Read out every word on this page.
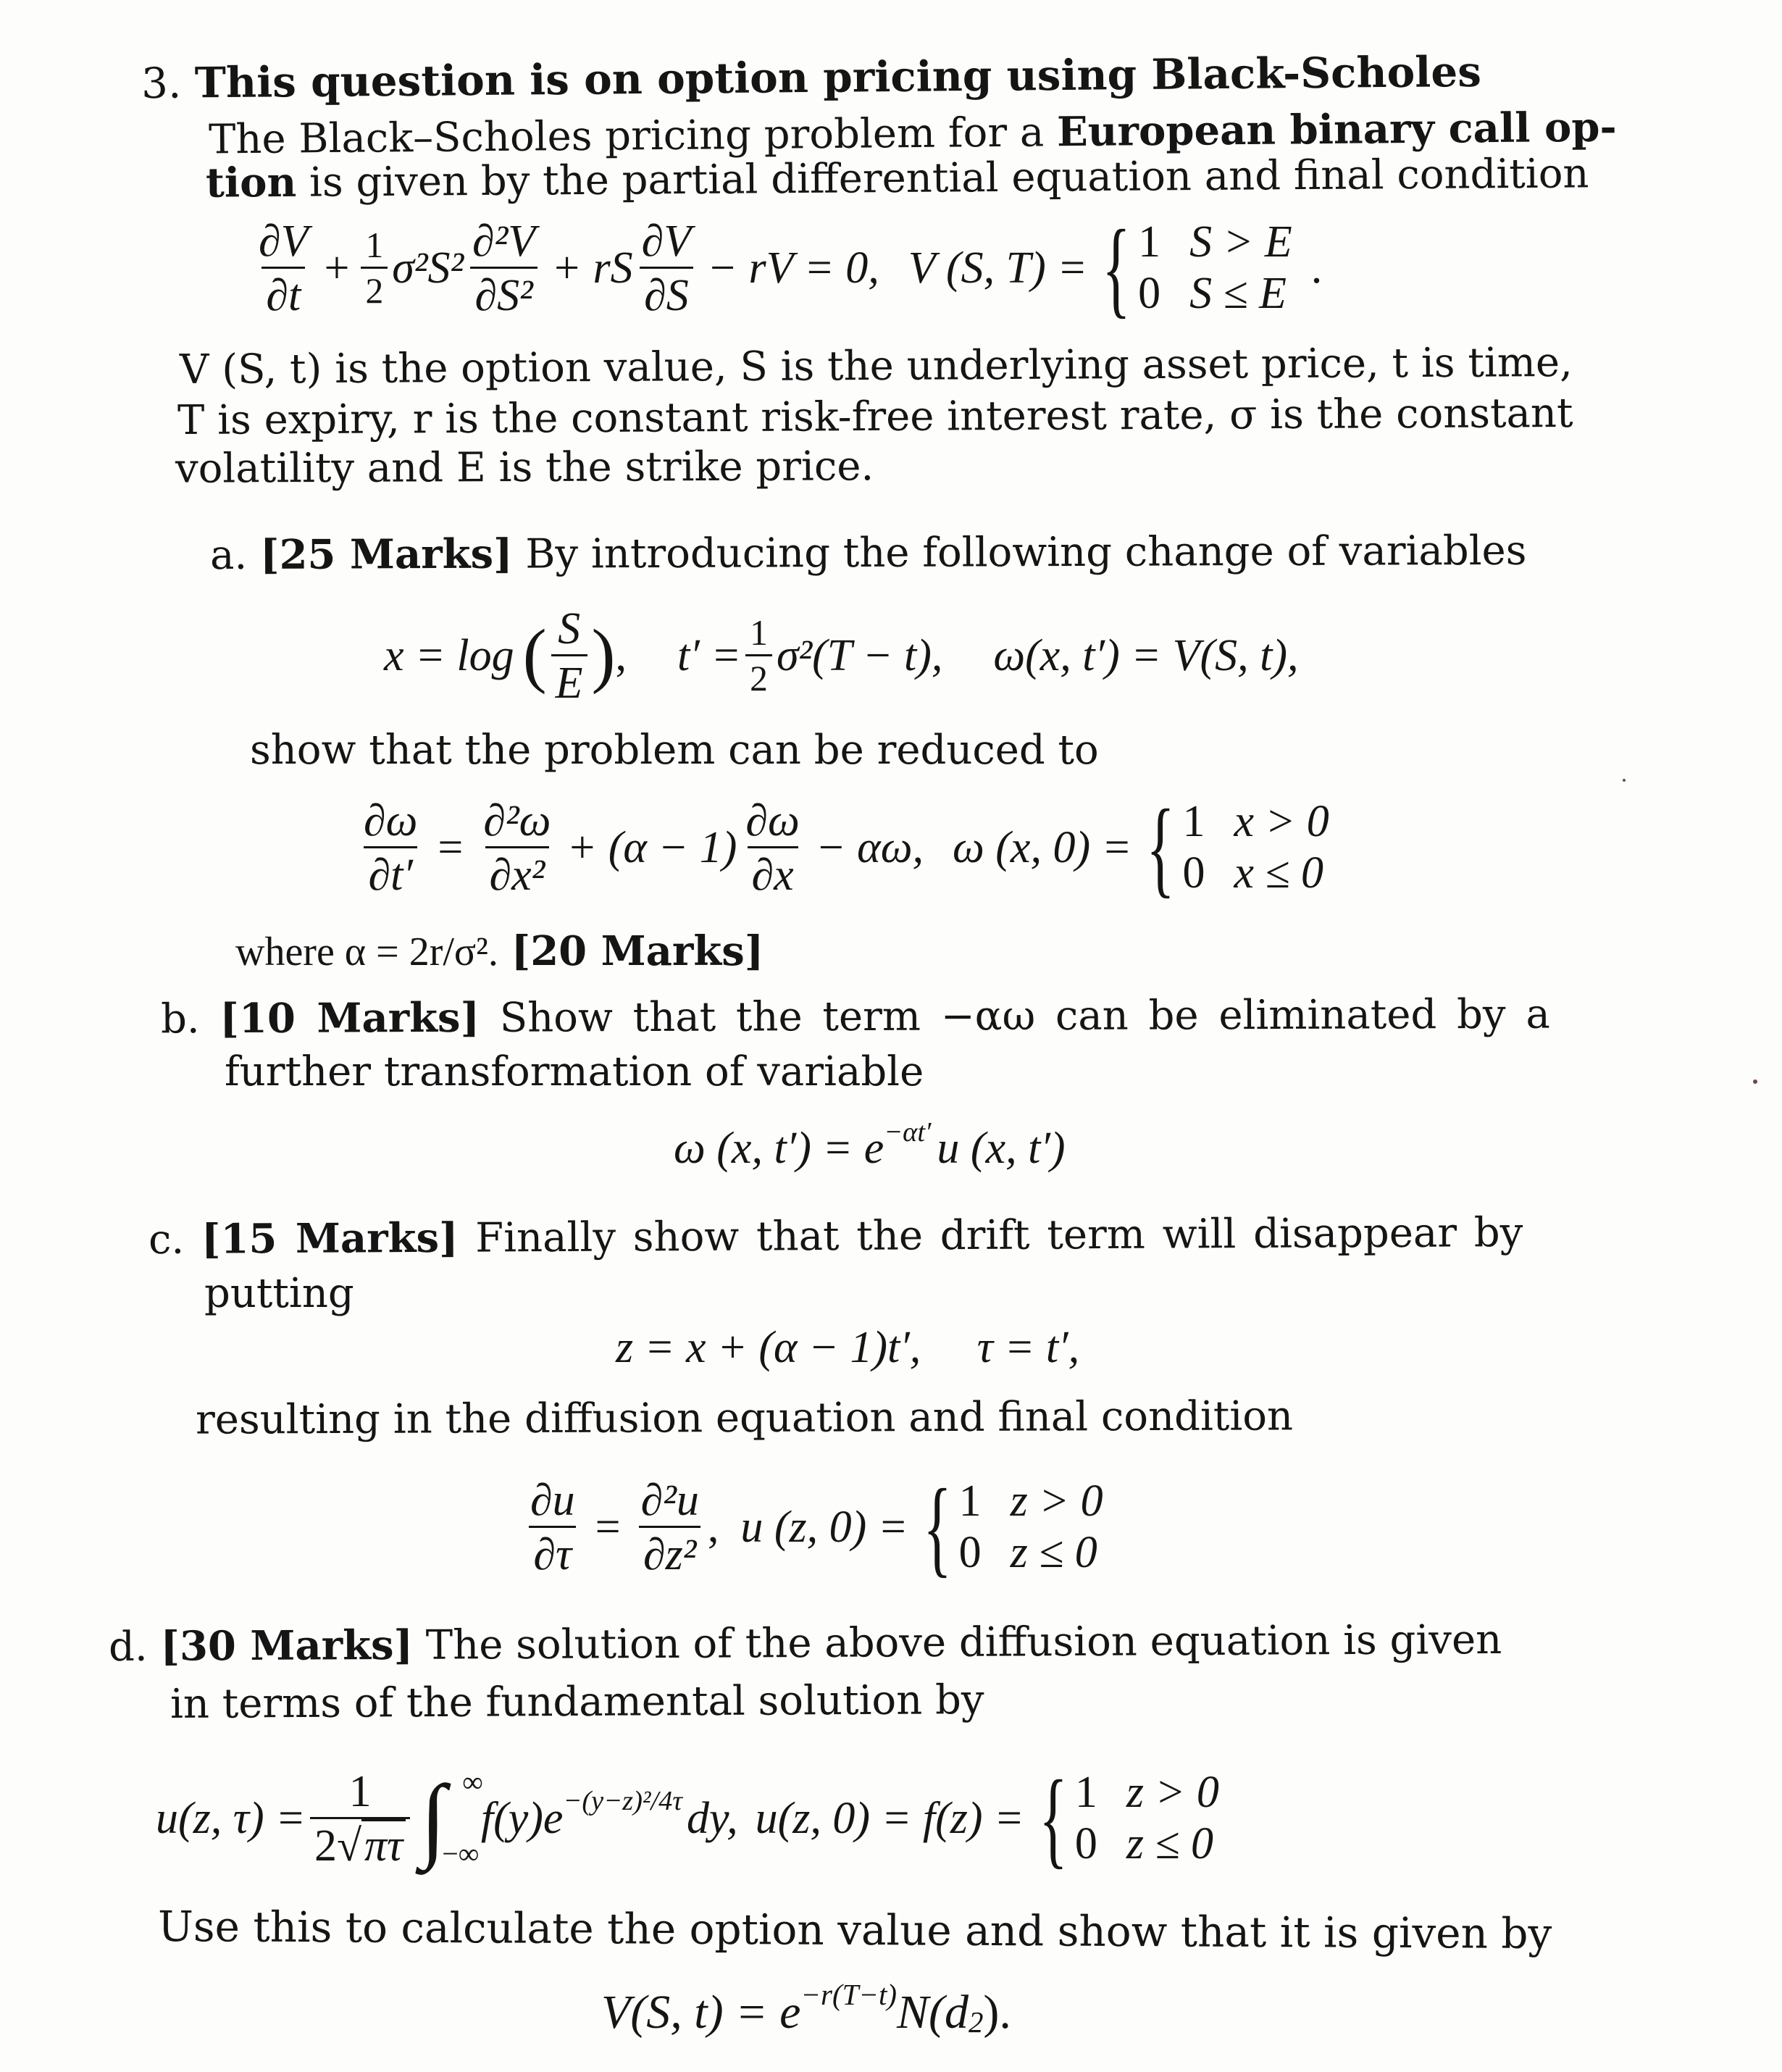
3. This question is on option pricing using Black-Scholes
The Black–Scholes pricing problem for a European binary call op-
tion is given by the partial differential equation and final condition
$\frac{\partial V}{\partial t} + \frac{1}{2} \sigma^2S^2 \frac{\text{∂²V}}{\text{∂S²}}$ + rS $\frac{\partial V}{\partial S}$ − rV = 0, V (S, T) = { 1 S > E
0 S ≤ E
.
V (S, t) is the option value, S is the underlying asset price, t is time,
T is expiry, r is the constant risk-free interest rate, σ is the constant
volatility and E is the strike price.
a. [25 Marks] By introducing the following change of variables
x = log ( $\frac{S}{E}$ ) , $t' = \frac{1}{2} \sigma^2(T - t)$, ω(x, t′) = V(S, t),
show that the problem can be reduced to
$\frac{\partial\omega}{\partial t'} = \frac{\text{∂²ω}}{\text{∂x²}} + (\alpha - 1) \frac{\partial\omega}{\partial x} - \alpha\omega$, ω (x, 0) = { 1 x > 0
0 x ≤ 0
where α = 2r/σ². [20 Marks]
b. [10 Marks] Show that the term −αω can be eliminated by a
further transformation of variable
ω (x, $t') = e^{-\alpha t'}$ u (x, t′)
c. [15 Marks] Finally show that the drift term will disappear by
putting
z = x + (α − 1)t′,     τ = t′,
resulting in the diffusion equation and final condition
$\frac{\partial u}{\partial\tau} = \frac{\text{∂²u}}{\text{∂z²}}$ , u (z, 0) = { 1 z > 0
0 z ≤ 0
d. [30 Marks] The solution of the above diffusion equation is given
in terms of the fundamental solution by
u(z, $\tau) = \frac{1}{2√\pi\tau}$ ∫ ∞
−∞
$f(y)e^{-(y-z)^2/4\tau}$ dy, u(z, 0) = f(z) = { 1 z > 0
0 z ≤ 0
Use this to calculate the option value and show that it is given by
V(S, $t) = e^{-r(T-t)}$ $N(d_2$ ).
